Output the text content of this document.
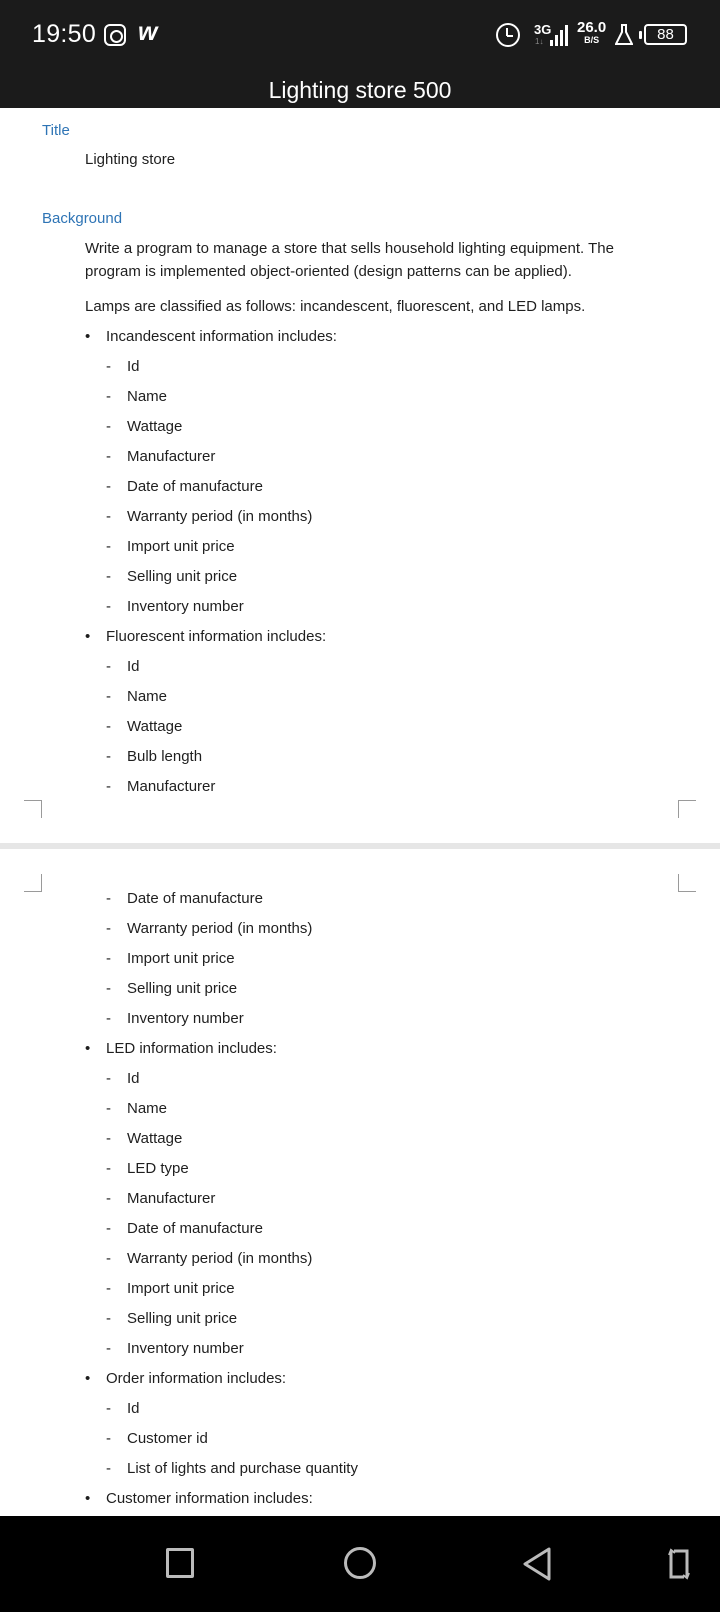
19:50 w	3G
1↓
26.0
B/S	88
Lighting store 500
Title
Lighting store
Background
Write a program to manage a store that sells household lighting equipment. The program is implemented object-oriented (design patterns can be applied).
Lamps are classified as follows: incandescent, fluorescent, and LED lamps.
• Incandescent information includes:
- Id
- Name
- Wattage
- Manufacturer
- Date of manufacture
- Warranty period (in months)
- Import unit price
- Selling unit price
- Inventory number
• Fluorescent information includes:
- Id
- Name
- Wattage
- Bulb length
- Manufacturer
- Date of manufacture
- Warranty period (in months)
- Import unit price
- Selling unit price
- Inventory number
• LED information includes:
- Id
- Name
- Wattage
- LED type
- Manufacturer
- Date of manufacture
- Warranty period (in months)
- Import unit price
- Selling unit price
- Inventory number
• Order information includes:
- Id
- Customer id
- List of lights and purchase quantity
• Customer information includes:
